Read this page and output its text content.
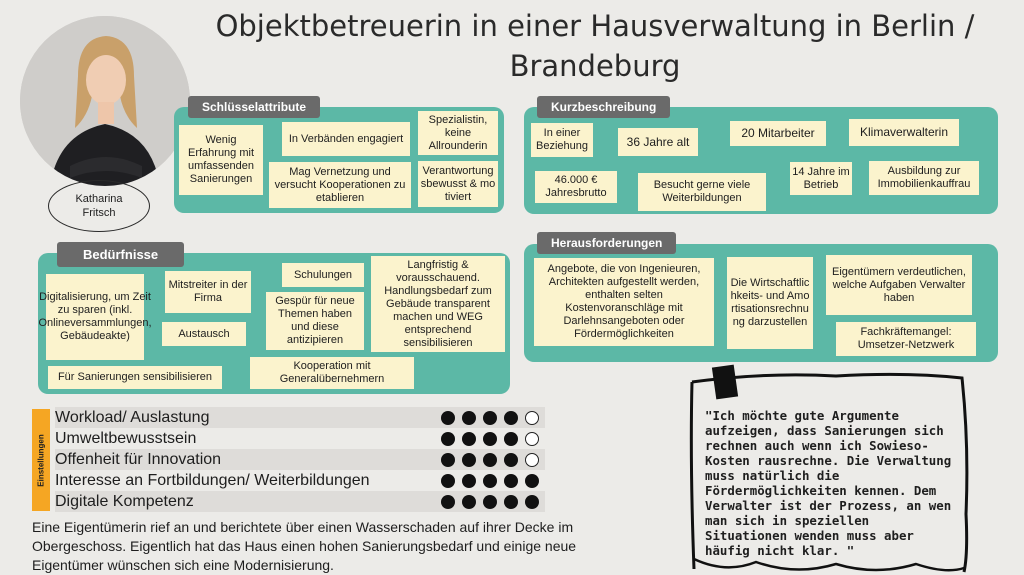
Objektbetreuerin in einer Hausverwaltung in Berlin / Brandeburg
Katharina Fritsch
Schlüsselattribute
Wenig Erfahrung mit umfassenden Sanierungen
In Verbänden engagiert
Spezialistin, keine Allrounderin
Mag Vernetzung und versucht Kooperationen zu etablieren
Verantwortungsbewusst & motiviert
Kurzbeschreibung
In einer Beziehung	36 Jahre alt
20 Mitarbeiter	Klimaverwalterin
14 Jahre im Betrieb
46.000 € Jahresbrutto
Besucht gerne viele Weiterbildungen
Ausbildung zur Immobilienkauffrau
Bedürfnisse
Digitalisierung, um Zeit zu sparen (inkl. Onlineversammlungen, Gebäudeakte)
Mitstreiter in der Firma
Schulungen
Langfristig & vorausschauend. Handlungsbedarf zum Gebäude transparent machen und WEG entsprechend sensibilisieren
Gespür für neue Themen haben und diese antizipieren
Austausch
Kooperation mit Generalübernehmern
Für Sanierungen sensibilisieren
Herausforderungen
Angebote, die von Ingenieuren, Architekten aufgestellt werden, enthalten selten Kostenvoranschläge mit Darlehnsangeboten oder Fördermöglichkeiten
Die Wirtschaftlichkeits- und Amortisationsrechnung darzustellen
Eigentümern verdeutlichen, welche Aufgaben Verwalter haben
Fachkräftemangel: Umsetzer-Netzwerk
Einstellungen
Workload/ Auslastung
Umweltbewusstsein
Offenheit für Innovation
Interesse an Fortbildungen/ Weiterbildungen
Digitale Kompetenz
Eine Eigentümerin rief an und berichtete über einen Wasserschaden auf ihrer Decke im Obergeschoss. Eigentlich hat das Haus einen hohen Sanierungsbedarf und einige neue Eigentümer wünschen sich eine Modernisierung.
"Ich möchte gute Argumente aufzeigen, dass Sanierungen sich rechnen auch wenn ich Sowieso-Kosten rausrechne. Die Verwaltung muss natürlich die Fördermöglichkeiten kennen. Dem Verwalter ist der Prozess, an wen man sich in speziellen Situationen wenden muss aber häufig nicht klar. "
